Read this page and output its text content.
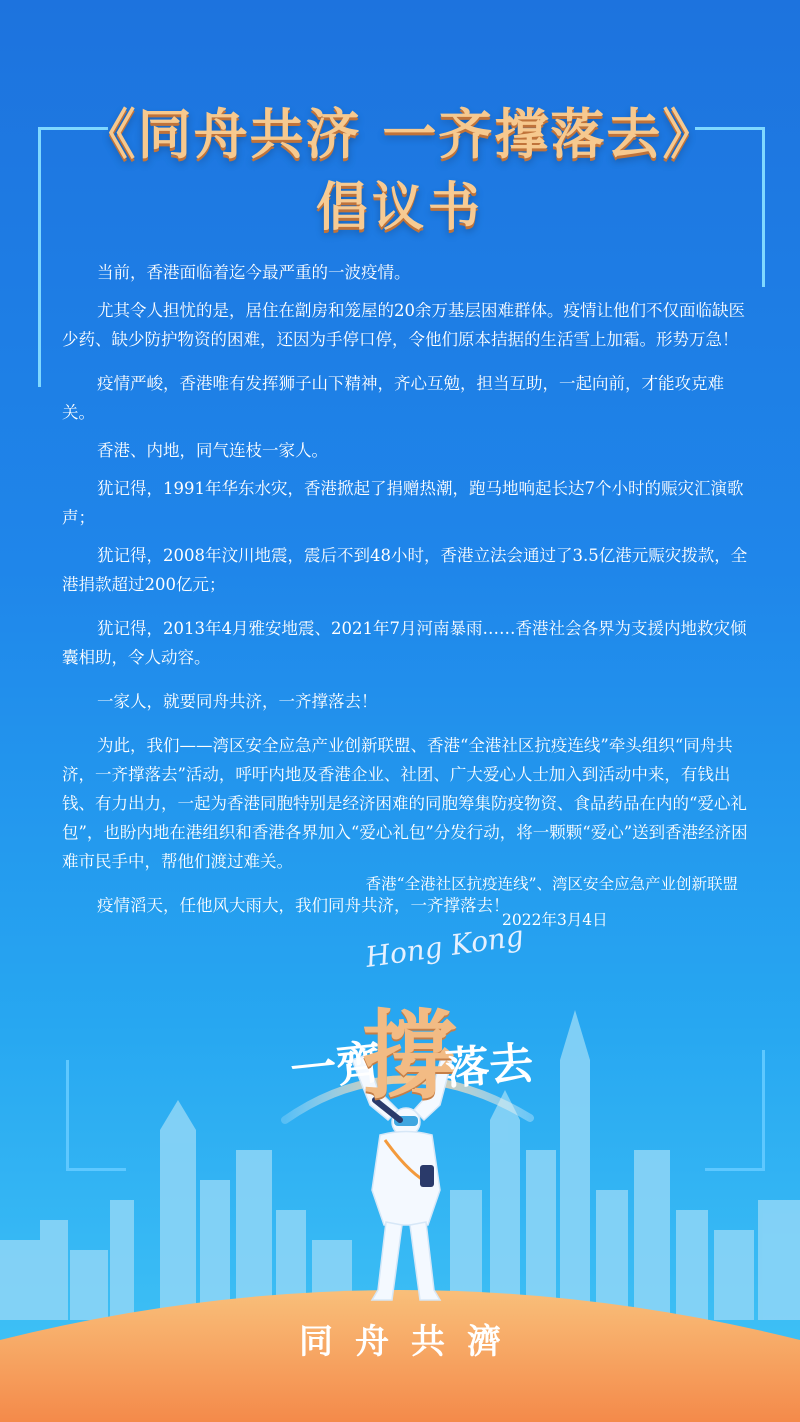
《同舟共济 一齐撑落去》
倡议书

当前，香港面临着迄今最严重的一波疫情。

尤其令人担忧的是，居住在劏房和笼屋的20余万基层困难群体。疫情让他们不仅面临缺医少药、缺少防护物资的困难，还因为手停口停，令他们原本拮据的生活雪上加霜。形势万急！

疫情严峻，香港唯有发挥狮子山下精神，齐心互勉，担当互助，一起向前，才能攻克难关。

香港、内地，同气连枝一家人。

犹记得，1991年华东水灾，香港掀起了捐赠热潮，跑马地响起长达7个小时的赈灾汇演歌声；

犹记得，2008年汶川地震，震后不到48小时，香港立法会通过了3.5亿港元赈灾拨款，全港捐款超过200亿元；

犹记得，2013年4月雅安地震、2021年7月河南暴雨……香港社会各界为支援内地救灾倾囊相助，令人动容。

一家人，就要同舟共济，一齐撑落去！

为此，我们——湾区安全应急产业创新联盟、香港“全港社区抗疫连线”牵头组织“同舟共济，一齐撑落去”活动，呼吁内地及香港企业、社团、广大爱心人士加入到活动中来，有钱出钱、有力出力，一起为香港同胞特别是经济困难的同胞筹集防疫物资、食品药品在内的“爱心礼包”，也盼内地在港组织和香港各界加入“爱心礼包”分发行动，将一颗颗“爱心”送到香港经济困难市民手中，帮他们渡过难关。

疫情滔天，任他风大雨大，我们同舟共济，一齐撑落去！

香港“全港社区抗疫连线”、湾区安全应急产业创新联盟
2022年3月4日
Hong Kong
一齊
撐
落去
同舟共濟
